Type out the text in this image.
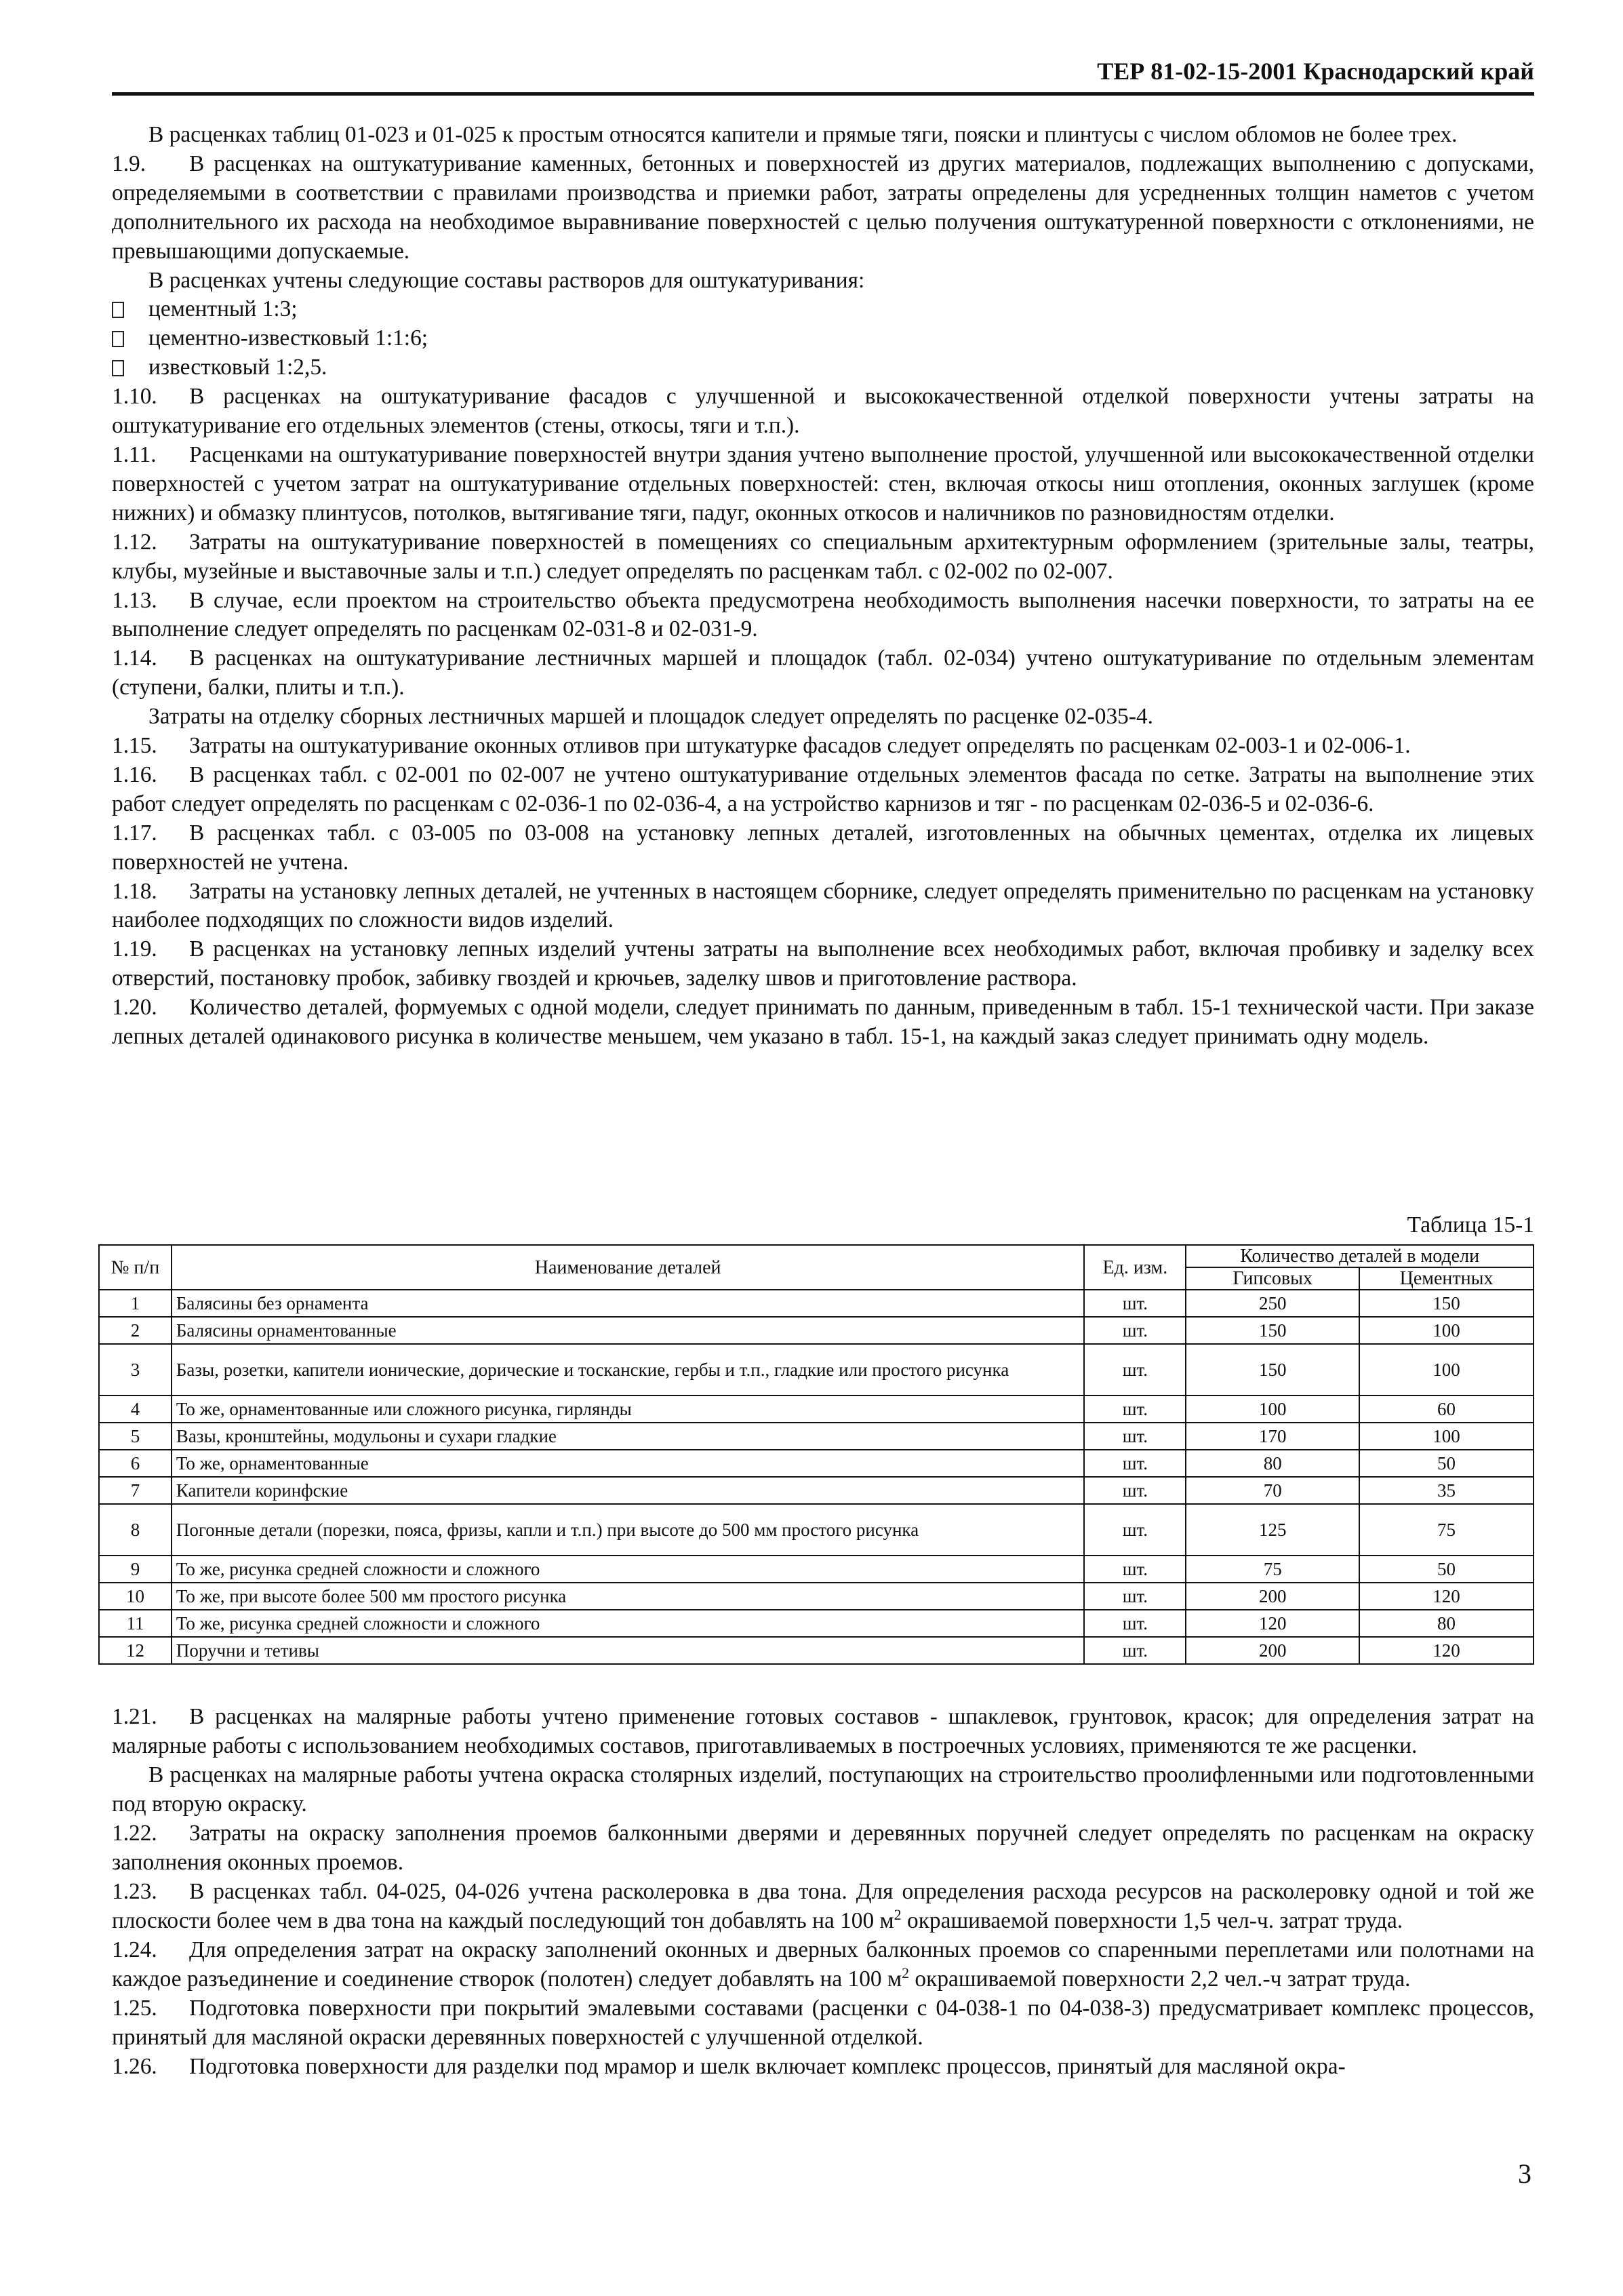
ТЕР 81-02-15-2001 Краснодарский край

В расценках таблиц 01-023 и 01-025 к простым относятся капители и прямые тяги, пояски и плинтусы с числом обломов не более трех.

1.9. В расценках на оштукатуривание каменных, бетонных и поверхностей из других материалов, подлежащих выполнению с допусками, определяемыми в соответствии с правилами производства и приемки работ, затраты определены для усредненных толщин наметов с учетом дополнительного их расхода на необходимое выравнивание поверхностей с целью получения оштукатуренной поверхности с отклонениями, не превышающими допускаемые.

В расценках учтены следующие составы растворов для оштукатуривания:

цементный 1:3;

цементно-известковый 1:1:6;

известковый 1:2,5.

1.10. В расценках на оштукатуривание фасадов с улучшенной и высококачественной отделкой поверхности учтены затраты на оштукатуривание его отдельных элементов (стены, откосы, тяги и т.п.).

1.11. Расценками на оштукатуривание поверхностей внутри здания учтено выполнение простой, улучшенной или высококачественной отделки поверхностей с учетом затрат на оштукатуривание отдельных поверхностей: стен, включая откосы ниш отопления, оконных заглушек (кроме нижних) и обмазку плинтусов, потолков, вытягивание тяги, падуг, оконных откосов и наличников по разновидностям отделки.

1.12. Затраты на оштукатуривание поверхностей в помещениях со специальным архитектурным оформлением (зрительные залы, театры, клубы, музейные и выставочные залы и т.п.) следует определять по расценкам табл. с 02-002 по 02-007.

1.13. В случае, если проектом на строительство объекта предусмотрена необходимость выполнения насечки поверхности, то затраты на ее выполнение следует определять по расценкам 02-031-8 и 02-031-9.

1.14. В расценках на оштукатуривание лестничных маршей и площадок (табл. 02-034) учтено оштукатуривание по отдельным элементам (ступени, балки, плиты и т.п.).

Затраты на отделку сборных лестничных маршей и площадок следует определять по расценке 02-035-4.

1.15. Затраты на оштукатуривание оконных отливов при штукатурке фасадов следует определять по расценкам 02-003-1 и 02-006-1.

1.16. В расценках табл. с 02-001 по 02-007 не учтено оштукатуривание отдельных элементов фасада по сетке. Затраты на выполнение этих работ следует определять по расценкам с 02-036-1 по 02-036-4, а на устройство карнизов и тяг - по расценкам 02-036-5 и 02-036-6.

1.17. В расценках табл. с 03-005 по 03-008 на установку лепных деталей, изготовленных на обычных цементах, отделка их лицевых поверхностей не учтена.

1.18. Затраты на установку лепных деталей, не учтенных в настоящем сборнике, следует определять применительно по расценкам на установку наиболее подходящих по сложности видов изделий.

1.19. В расценках на установку лепных изделий учтены затраты на выполнение всех необходимых работ, включая пробивку и заделку всех отверстий, постановку пробок, забивку гвоздей и крючьев, заделку швов и приготовление раствора.

1.20. Количество деталей, формуемых с одной модели, следует принимать по данным, приведенным в табл. 15-1 технической части. При заказе лепных деталей одинакового рисунка в количестве меньшем, чем указано в табл. 15-1, на каждый заказ следует принимать одну модель.

Таблица 15-1
№ п/п	Наименование деталей	Ед. изм.	Количество деталей в модели	
			Гипсовых	Цементных
1	Балясины без орнамента	шт.	250	150
2	Балясины орнаментованные	шт.	150	100
3	Базы, розетки, капители ионические, дорические и тосканские, гербы и т.п., гладкие или простого рисунка	шт.	150	100
4	То же, орнаментованные или сложного рисунка, гирлянды	шт.	100	60
5	Вазы, кронштейны, модульоны и сухари гладкие	шт.	170	100
6	То же, орнаментованные	шт.	80	50
7	Капители коринфские	шт.	70	35
8	Погонные детали (порезки, пояса, фризы, капли и т.п.) при высоте до 500 мм простого рисунка	шт.	125	75
9	То же, рисунка средней сложности и сложного	шт.	75	50
10	То же, при высоте более 500 мм простого рисунка	шт.	200	120
11	То же, рисунка средней сложности и сложного	шт.	120	80
12	Поручни и тетивы	шт.	200	120

1.21. В расценках на малярные работы учтено применение готовых составов - шпаклевок, грунтовок, красок; для определения затрат на малярные работы с использованием необходимых составов, приготавливаемых в построечных условиях, применяются те же расценки.

В расценках на малярные работы учтена окраска столярных изделий, поступающих на строительство проолифленными или подготовленными под вторую окраску.

1.22. Затраты на окраску заполнения проемов балконными дверями и деревянных поручней следует определять по расценкам на окраску заполнения оконных проемов.

1.23. В расценках табл. 04-025, 04-026 учтена расколеровка в два тона. Для определения расхода ресурсов на расколеровку одной и той же плоскости более чем в два тона на каждый последующий тон добавлять на 100 $м^2$ окрашиваемой поверхности 1,5 чел-ч. затрат труда.

1.24. Для определения затрат на окраску заполнений оконных и дверных балконных проемов со спаренными переплетами или полотнами на каждое разъединение и соединение створок (полотен) следует добавлять на 100 $м^2$ окрашиваемой поверхности 2,2 чел.-ч затрат труда.

1.25. Подготовка поверхности при покрытий эмалевыми составами (расценки с 04-038-1 по 04-038-3) предусматривает комплекс процессов, принятый для масляной окраски деревянных поверхностей с улучшенной отделкой.

1.26. Подготовка поверхности для разделки под мрамор и шелк включает комплекс процессов, принятый для масляной окра-

3
